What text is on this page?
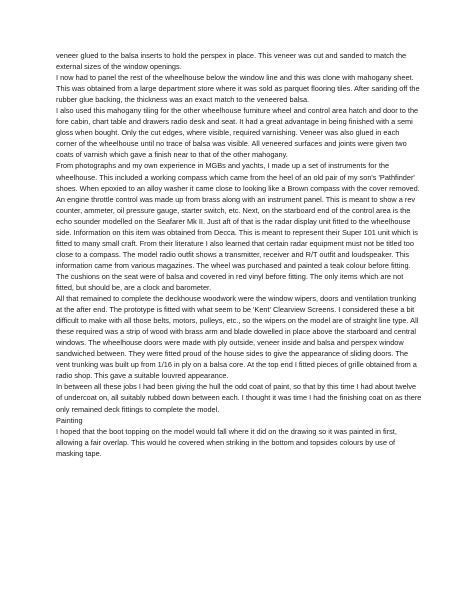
veneer glued to the balsa inserts to hold the perspex in place. This veneer was cut and sanded to match the external sizes of the window openings.

I now had to panel the rest of the wheelhouse below the window line and this was clone with mahogany sheet. This was obtained from a large department store where it was sold as parquet flooring tiles. After sanding off the rubber glue backing, the thickness was an exact match to the veneered balsa.

I also used this mahogany tiling for the other wheelhouse furniture wheel and control area hatch and door to the fore cabin, chart table and drawers radio desk and seat. It had a great advantage in being finished with a semi gloss when bought. Only the cut edges, where visible, required varnishing. Veneer was also glued in each corner of the wheelhouse until no trace of balsa was visible. All veneered surfaces and joints were given two coats of varnish which gave a finish near to that of the other mahogany.

From photographs and my own experience in MGBs and yachts, I made up a set of instruments for the wheelhouse. This included a working compass which came from the heel of an old pair of my son's 'Pathfinder' shoes. When epoxied to an alloy washer it came close to looking like a Brown compass with the cover removed.

An engine throttle control was made up from brass along with an instrument panel. This is meant to show a rev counter, ammeter, oil pressure gauge, starter switch, etc. Next, on the starboard end of the control area is the echo sounder modelled on the Seafarer Mk II. Just aft of that is the radar display unit fitted to the wheelhouse side. Information on this item was obtained from Decca. This is meant to represent their Super 101 unit which is fitted to many small craft. From their literature I also learned that certain radar equipment must not be titled too close to a compass. The model radio outfit shows a transmitter, receiver and R/T outfit and loudspeaker. This information came from various magazines. The wheel was purchased and painted a teak colour before fitting. The cushions on the seat were of balsa and covered in red vinyl before fitting. The only items which are not fitted, but should be, are a clock and barometer.

All that remained to complete the deckhouse woodwork were the window wipers, doors and ventilation trunking at the after end. The prototype is fitted with what seem to be 'Kent' Clearview Screens. I considered these a bit difficult to make with all those belts, motors, pulleys, etc., so the wipers on the model are of straight line type. All these required was a strip of wood with brass arm and blade dowelled in place above the starboard and central windows. The wheelhouse doors were made with ply outside, veneer inside and balsa and perspex window sandwiched between. They were fitted proud of the house sides to give the appearance of sliding doors. The vent trunking was built up from 1/16 in ply on a balsa core. At the top end I fitted pieces of grille obtained from a radio shop. This gave a suitable louvred appearance.

In between all these jobs I had been giving the hull the odd coat of paint, so that by this time I had about twelve of undercoat on, all suitably rubbed down between each. I thought it was time I had the finishing coat on as there only remained deck fittings to complete the model.

Painting

I hoped that the boot topping on the model would fall where it did on the drawing so it was painted in first, allowing a fair overlap. This would he covered when striking in the bottom and topsides colours by use of masking tape.
